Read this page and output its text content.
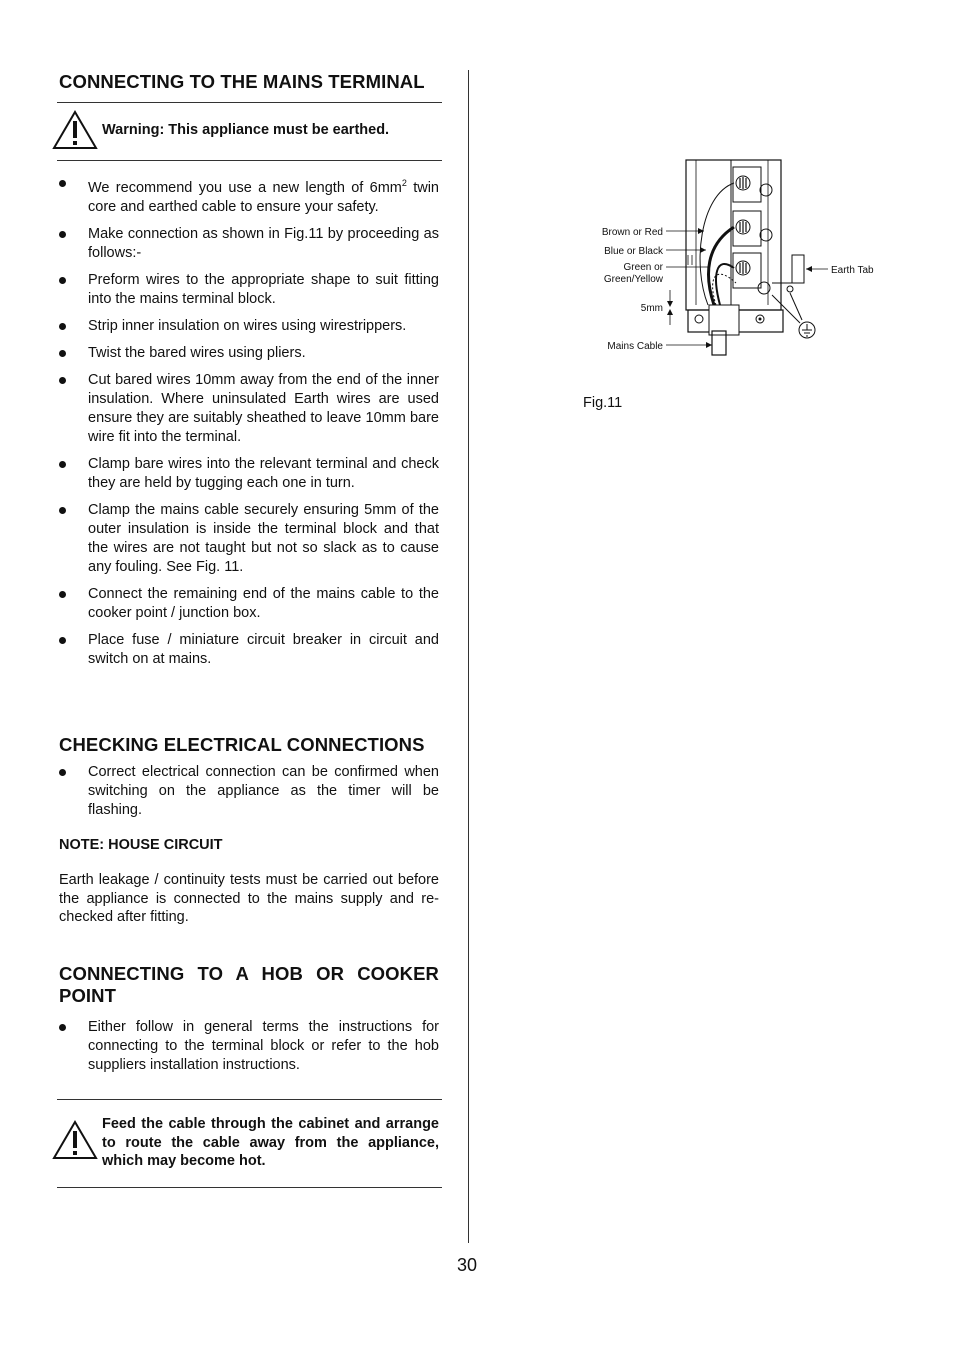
CONNECTING TO THE MAINS TERMINAL
Warning: This appliance must be earthed.
We recommend you use a new length of $6mm^2$ twin core and earthed cable to ensure your safety.
Make connection as shown in Fig.11 by proceeding as follows:-
Preform wires to the appropriate shape to suit fitting into the mains terminal block.
Strip inner insulation on wires using wirestrippers.
Twist the bared wires using pliers.
Cut bared wires 10mm away from the end of the inner insulation. Where uninsulated Earth wires are used ensure they are suitably sheathed to leave 10mm bare wire fit into the terminal.
Clamp bare wires into the relevant terminal and check they are held by tugging each one in turn.
Clamp the mains cable securely ensuring 5mm of the outer insulation is inside the terminal block and that the wires are not taught but not so slack as to cause any fouling. See Fig. 11.
Connect the remaining end of the mains cable to the cooker point / junction box.
Place fuse / miniature circuit breaker in circuit and switch on at mains.
CHECKING ELECTRICAL CONNECTIONS
Correct electrical connection can be confirmed when switching on the appliance as the timer will be flashing.
NOTE: HOUSE CIRCUIT
Earth leakage / continuity tests must be carried out before the appliance is connected to the mains supply and re-checked after fitting.
CONNECTING TO A HOB OR COOKER POINT
Either follow in general terms the instructions for connecting to the terminal block or refer to the hob suppliers installation instructions.
Feed the cable through the cabinet and arrange to route the cable away from the appliance, which may become hot.
Brown or Red
Blue or Black
Green or
Green/Yellow
5mm
Mains Cable
Earth Tab
Fig.11
30
